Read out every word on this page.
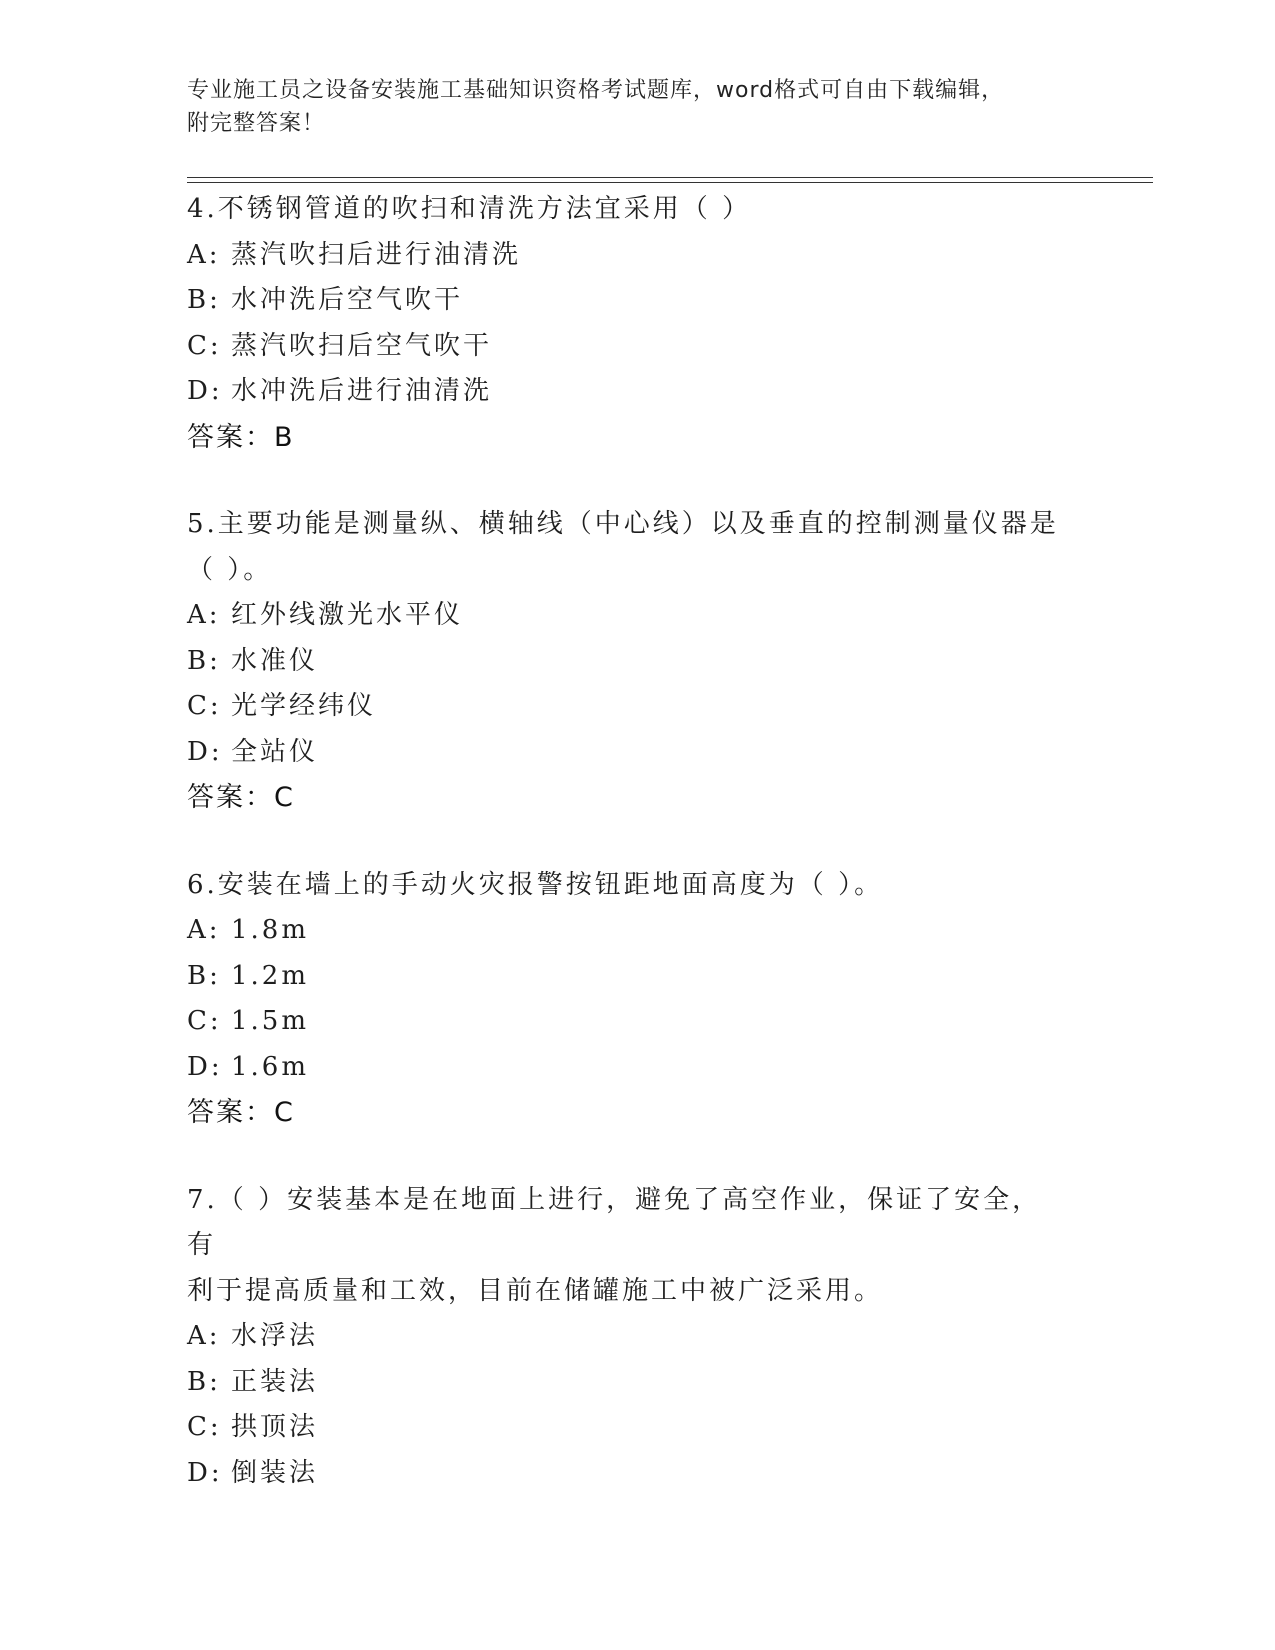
专业施工员之设备安装施工基础知识资格考试题库，word格式可自由下载编辑，
附完整答案！
4.不锈钢管道的吹扫和清洗方法宜采用（ ）
A: 蒸汽吹扫后进行油清洗
B: 水冲洗后空气吹干
C: 蒸汽吹扫后空气吹干
D: 水冲洗后进行油清洗
答案：B
5.主要功能是测量纵、横轴线（中心线）以及垂直的控制测量仪器是
（ ）。
A: 红外线激光水平仪
B: 水准仪
C: 光学经纬仪
D: 全站仪
答案：C
6.安装在墙上的手动火灾报警按钮距地面高度为（ ）。
A: 1.8m
B: 1.2m
C: 1.5m
D: 1.6m
答案：C
7.（ ）安装基本是在地面上进行，避免了高空作业，保证了安全，有
利于提高质量和工效，目前在储罐施工中被广泛采用。
A: 水浮法
B: 正装法
C: 拱顶法
D: 倒装法
